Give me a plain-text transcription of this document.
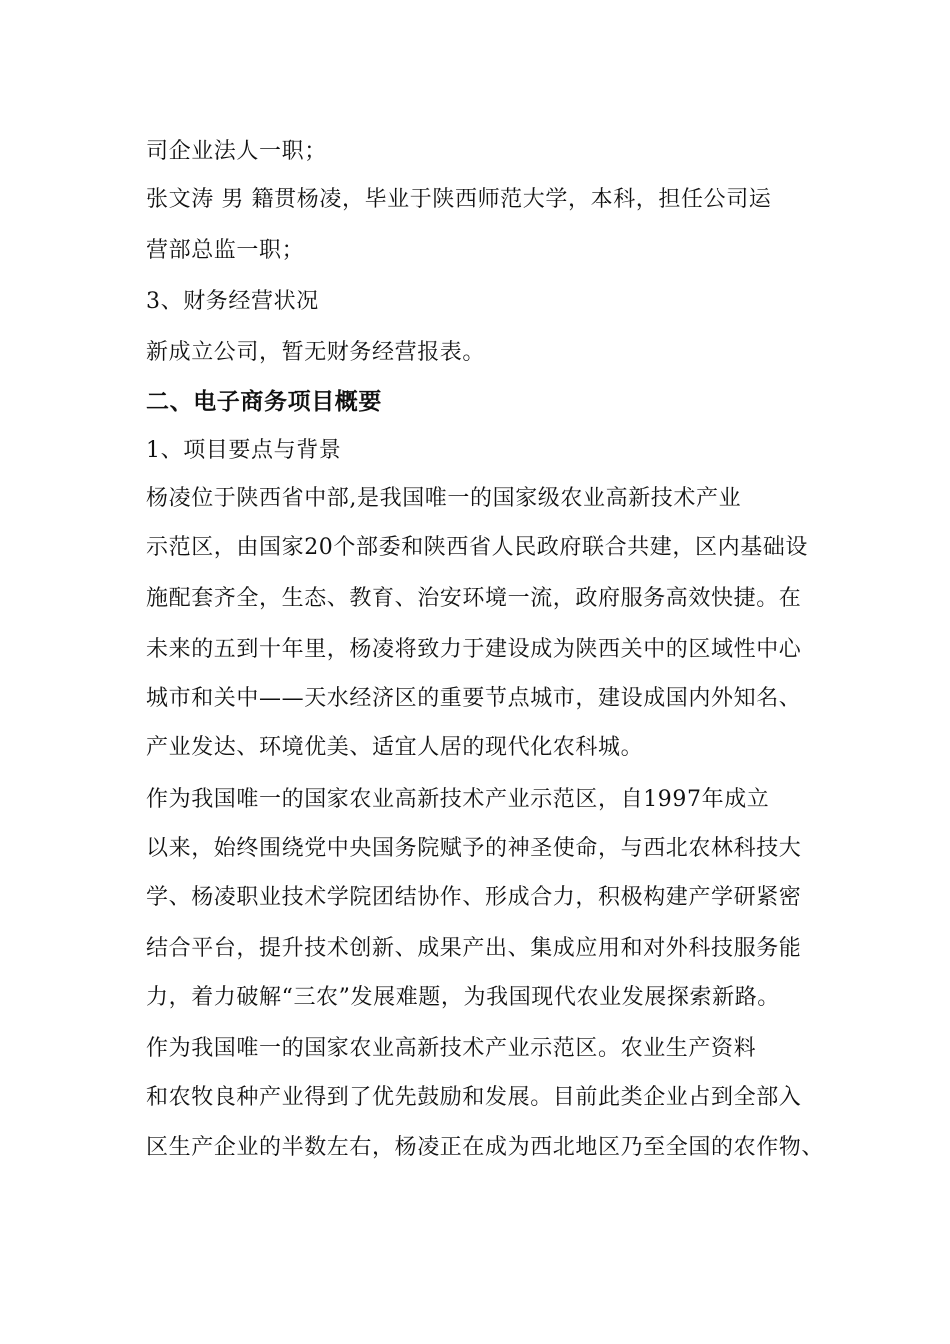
司企业法人一职；
张文涛 男 籍贯杨凌，毕业于陕西师范大学，本科，担任公司运
营部总监一职；
3、财务经营状况
新成立公司，暂无财务经营报表。
二、电子商务项目概要
1、项目要点与背景
杨凌位于陕西省中部,是我国唯一的国家级农业高新技术产业
示范区，由国家20个部委和陕西省人民政府联合共建，区内基础设
施配套齐全，生态、教育、治安环境一流，政府服务高效快捷。在
未来的五到十年里，杨凌将致力于建设成为陕西关中的区域性中心
城市和关中——天水经济区的重要节点城市，建设成国内外知名、
产业发达、环境优美、适宜人居的现代化农科城。
作为我国唯一的国家农业高新技术产业示范区，自1997年成立
以来，始终围绕党中央国务院赋予的神圣使命，与西北农林科技大
学、杨凌职业技术学院团结协作、形成合力，积极构建产学研紧密
结合平台，提升技术创新、成果产出、集成应用和对外科技服务能
力，着力破解“三农”发展难题，为我国现代农业发展探索新路。
作为我国唯一的国家农业高新技术产业示范区。农业生产资料
和农牧良种产业得到了优先鼓励和发展。目前此类企业占到全部入
区生产企业的半数左右，杨凌正在成为西北地区乃至全国的农作物、
